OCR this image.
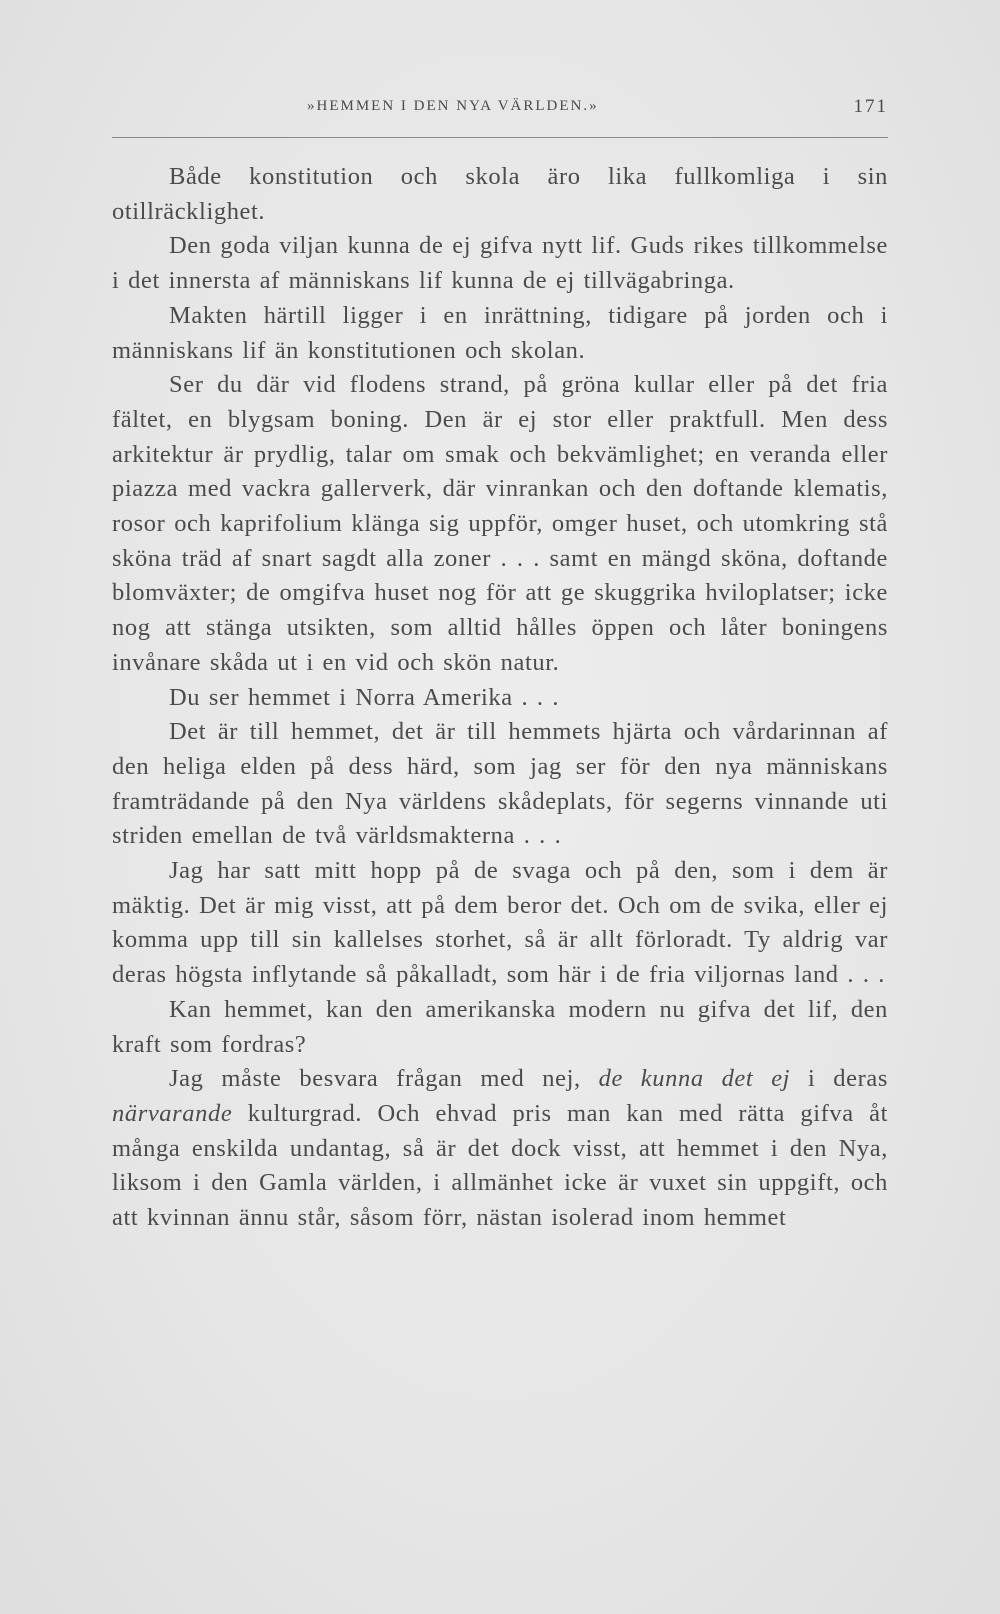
»HEMMEN I DEN NYA VÄRLDEN.»	171

Både konstitution och skola äro lika fullkomliga i sin otillräcklighet.

Den goda viljan kunna de ej gifva nytt lif. Guds rikes tillkommelse i det innersta af människans lif kunna de ej tillvägabringa.

Makten härtill ligger i en inrättning, tidigare på jorden och i människans lif än konstitutionen och skolan.

Ser du där vid flodens strand, på gröna kullar eller på det fria fältet, en blygsam boning. Den är ej stor eller praktfull. Men dess arkitektur är prydlig, talar om smak och bekvämlighet; en veranda eller piazza med vackra gallerverk, där vinrankan och den doftande klematis, rosor och kaprifolium klänga sig uppför, omger huset, och utomkring stå sköna träd af snart sagdt alla zoner . . . samt en mängd sköna, doftande blomväxter; de omgifva huset nog för att ge skuggrika hviloplatser; icke nog att stänga utsikten, som alltid hålles öppen och låter boningens invånare skåda ut i en vid och skön natur.

Du ser hemmet i Norra Amerika . . .

Det är till hemmet, det är till hemmets hjärta och vårdarinnan af den heliga elden på dess härd, som jag ser för den nya människans framträdande på den Nya världens skådeplats, för segerns vinnande uti striden emellan de två världsmakterna . . .

Jag har satt mitt hopp på de svaga och på den, som i dem är mäktig. Det är mig visst, att på dem beror det. Och om de svika, eller ej komma upp till sin kallelses storhet, så är allt förloradt. Ty aldrig var deras högsta inflytande så påkalladt, som här i de fria viljornas land . . .

Kan hemmet, kan den amerikanska modern nu gifva det lif, den kraft som fordras?

Jag måste besvara frågan med nej, de kunna det ej i deras närvarande kulturgrad. Och ehvad pris man kan med rätta gifva åt många enskilda undantag, så är det dock visst, att hemmet i den Nya, liksom i den Gamla världen, i allmänhet icke är vuxet sin uppgift, och att kvinnan ännu står, såsom förr, nästan isolerad inom hemmet
